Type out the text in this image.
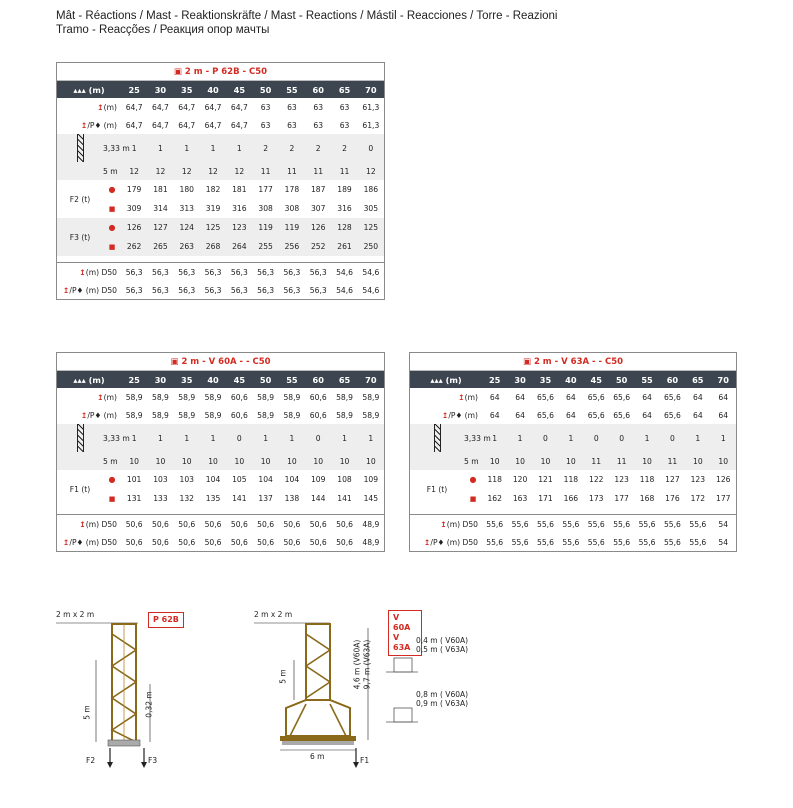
Mât - Réactions / Mast - Reaktionskräfte / Mast - Reactions / Mástil - Reacciones / Torre - Reazioni
Tramo - Reacções / Реакция опор мачты
▣ 2 m - P 62B - C50											
▴▴▴ (m)		25	30	35	40	45	50	55	60	65	70
↥(m)		64,7	64,7	64,7	64,7	64,7	63	63	63	63	61,3
↥/P♦ (m)		64,7	64,7	64,7	64,7	64,7	63	63	63	63	61,3
	3,33 m	1	1	1	1	1	2	2	2	2	0
	5 m	12	12	12	12	12	11	11	11	11	12
F2 (t)	●	179	181	180	182	181	177	178	187	189	186
	■	309	314	313	319	316	308	308	307	316	305
F3 (t)	●	126	127	124	125	123	119	119	126	128	125
	■	262	265	263	268	264	255	256	252	261	250
↥(m) D50	56,3	56,3	56,3	56,3	56,3	56,3	56,3	56,3	54,6	54,6
↥/P♦ (m) D50	56,3	56,3	56,3	56,3	56,3	56,3	56,3	56,3	54,6	54,6
▣ 2 m - V 60A - - C50											
▴▴▴ (m)		25	30	35	40	45	50	55	60	65	70
↥(m)		58,9	58,9	58,9	58,9	60,6	58,9	58,9	60,6	58,9	58,9
↥/P♦ (m)		58,9	58,9	58,9	58,9	60,6	58,9	58,9	60,6	58,9	58,9
	3,33 m	1	1	1	1	0	1	1	0	1	1
	5 m	10	10	10	10	10	10	10	10	10	10
F1 (t)	●	101	103	103	104	105	104	104	109	108	109
	■	131	133	132	135	141	137	138	144	141	145
↥(m) D50	50,6	50,6	50,6	50,6	50,6	50,6	50,6	50,6	50,6	48,9
↥/P♦ (m) D50	50,6	50,6	50,6	50,6	50,6	50,6	50,6	50,6	50,6	48,9
▣ 2 m - V 63A - - C50											
▴▴▴ (m)		25	30	35	40	45	50	55	60	65	70
↥(m)		64	64	65,6	64	65,6	65,6	64	65,6	64	64
↥/P♦ (m)		64	64	65,6	64	65,6	65,6	64	65,6	64	64
	3,33 m	1	1	0	1	0	0	1	0	1	1
	5 m	10	10	10	10	11	11	10	11	10	10
F1 (t)	●	118	120	121	118	122	123	118	127	123	126
	■	162	163	171	166	173	177	168	176	172	177
↥(m) D50	55,6	55,6	55,6	55,6	55,6	55,6	55,6	55,6	55,6	54
↥/P♦ (m) D50	55,6	55,6	55,6	55,6	55,6	55,6	55,6	55,6	55,6	54
2 m x 2 m
P 62B
5 m	0,32 m
F2	F3
2 m x 2 m	V 60A
V 63A
5 m	4,6 m (V60A) 9,7 m (V63A)
6 m	F1
0,4 m ( V60A)
0,5 m ( V63A)
0,8 m ( V60A)
0,9 m ( V63A)
